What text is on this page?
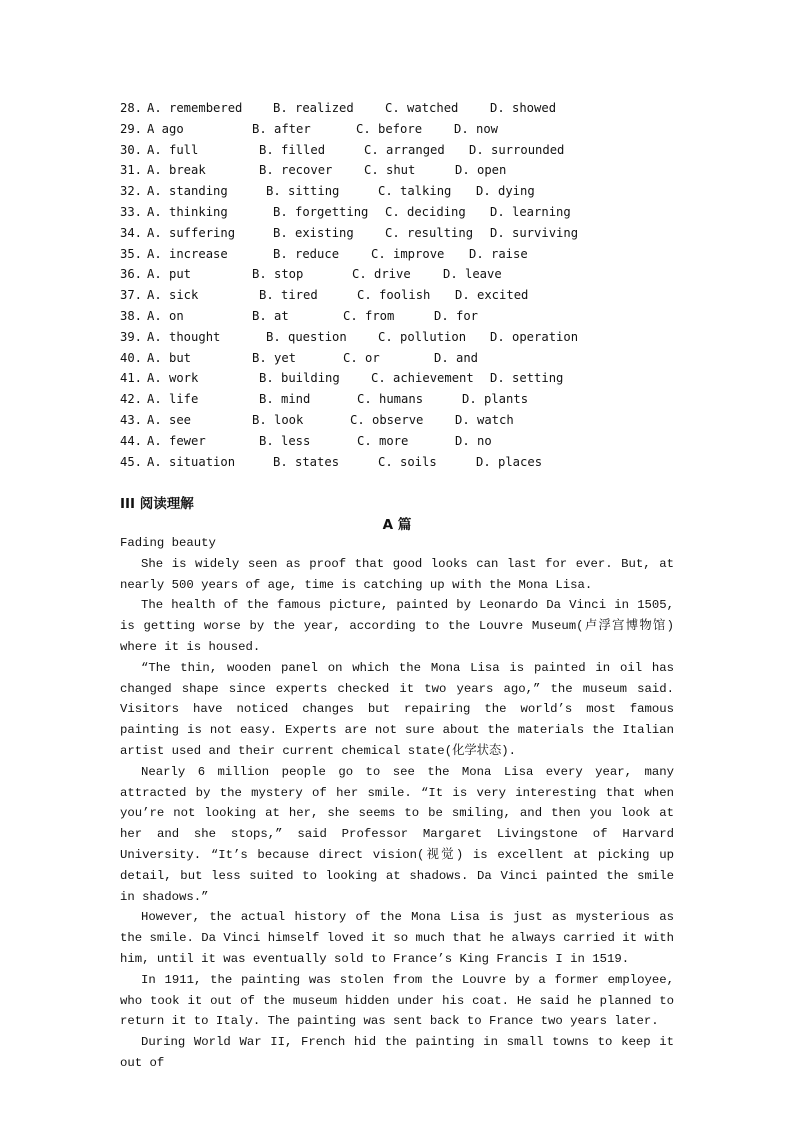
28. A. remembered	B. realized	C. watched	D. showed
29. A ago	B. after	C. before	D. now
30. A. full	B. filled	C. arranged D. surrounded
31. A. break	B. recover	C. shut	D. open
32. A. standing	B. sitting	C. talking D. dying
33. A. thinking	B. forgetting C. deciding D. learning
34. A. suffering	B. existing	C. resulting D. surviving
35. A. increase	B. reduce	C. improve D. raise
36. A. put	B. stop	C. drive	D. leave
37. A. sick	B. tired	C. foolish D. excited
38. A. on	B. at	C. from	D. for
39. A. thought	B. question	C. pollution D. operation
40. A. but	B. yet	C. or	D. and
41. A. work	B. building	C. achievement D. setting
42. A. life	B. mind	C. humans	D. plants
43. A. see	B. look	C. observe	D. watch
44. A. fewer	B. less	C. more	D. no
45. A. situation	B. states	C. soils	D. places
III 阅读理解
A 篇

Fading beauty

She is widely seen as proof that good looks can last for ever. But, at nearly 500 years of age, time is catching up with the Mona Lisa.

The health of the famous picture, painted by Leonardo Da Vinci in 1505, is getting worse by the year, according to the Louvre Museum(卢浮宫博物馆) where it is housed.

“The thin, wooden panel on which the Mona Lisa is painted in oil has changed shape since experts checked it two years ago,” the museum said. Visitors have noticed changes but repairing the world’s most famous painting is not easy. Experts are not sure about the materials the Italian artist used and their current chemical state(化学状态).

Nearly 6 million people go to see the Mona Lisa every year, many attracted by the mystery of her smile. “It is very interesting that when you’re not looking at her, she seems to be smiling, and then you look at her and she stops,” said Professor Margaret Livingstone of Harvard University. “It’s because direct vision(视觉) is excellent at picking up detail, but less suited to looking at shadows. Da Vinci painted the smile in shadows.”

However, the actual history of the Mona Lisa is just as mysterious as the smile. Da Vinci himself loved it so much that he always carried it with him, until it was eventually sold to France’s King Francis I in 1519.

In 1911, the painting was stolen from the Louvre by a former employee, who took it out of the museum hidden under his coat. He said he planned to return it to Italy. The painting was sent back to France two years later.

During World War II, French hid the painting in small towns to keep it out of
